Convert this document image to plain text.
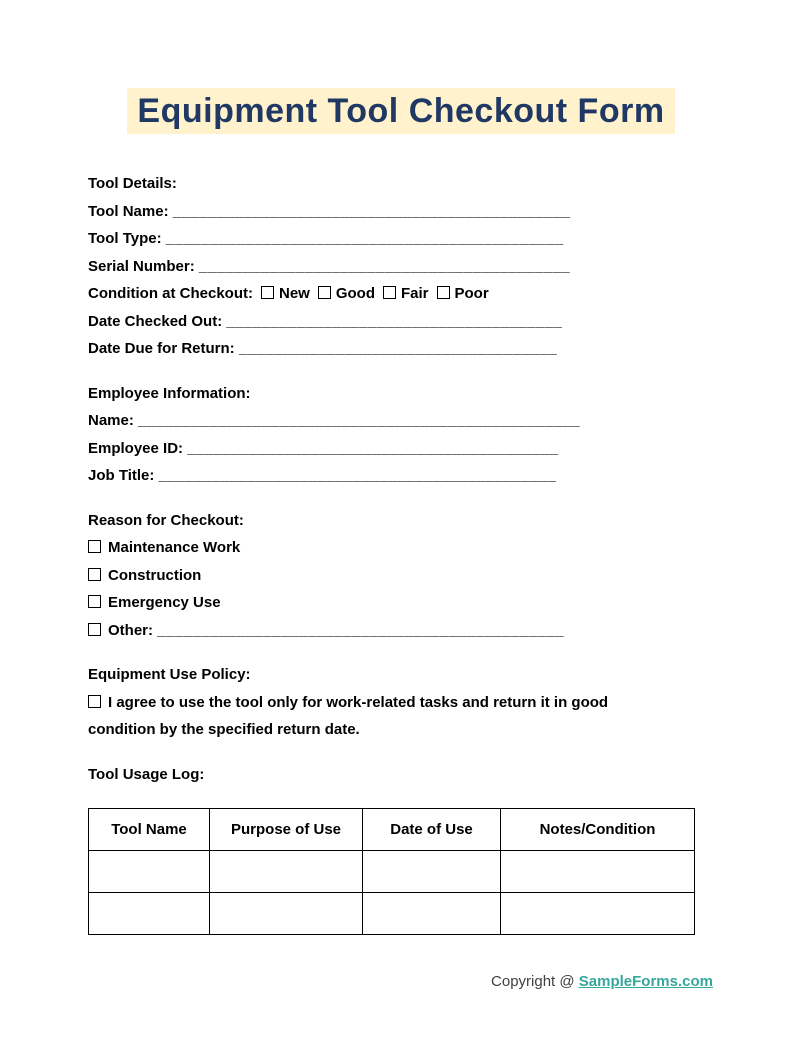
Equipment Tool Checkout Form
Tool Details:
Tool Name: _____________________________________________
Tool Type: _____________________________________________
Serial Number: __________________________________________
Condition at Checkout: New Good Fair Poor
Date Checked Out: ______________________________________
Date Due for Return: ____________________________________
Employee Information:
Name: __________________________________________________
Employee ID: __________________________________________
Job Title: _____________________________________________
Reason for Checkout:
Maintenance Work
Construction
Emergency Use
Other: ______________________________________________
Equipment Use Policy:
I agree to use the tool only for work-related tasks and return it in good condition by the specified return date.
Tool Usage Log:
Tool Name	Purpose of Use	Date of Use	Notes/Condition

Copyright @ SampleForms.com
